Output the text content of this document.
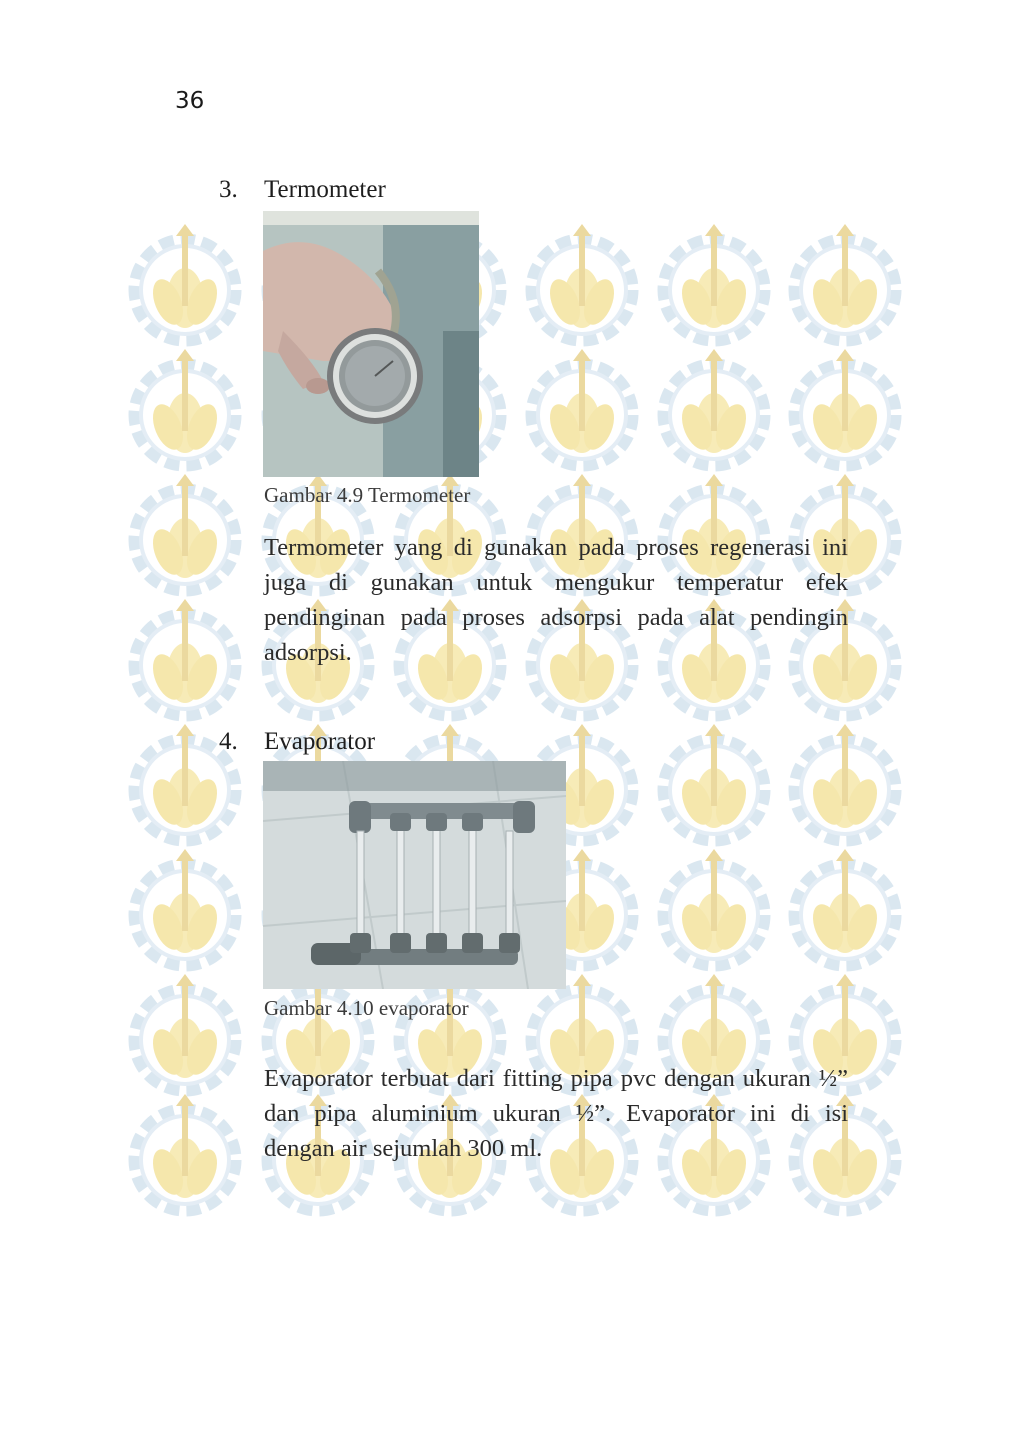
36
3. Termometer
Gambar 4.9 Termometer

Termometer yang di gunakan pada proses regenerasi ini juga di gunakan untuk mengukur temperatur efek pendinginan pada proses adsorpsi pada alat pendingin adsorpsi.

4. Evaporator
Gambar 4.10 evaporator

Evaporator terbuat dari fitting pipa pvc dengan ukuran ½” dan pipa aluminium ukuran ½”. Evaporator ini di isi dengan air sejumlah 300 ml.
